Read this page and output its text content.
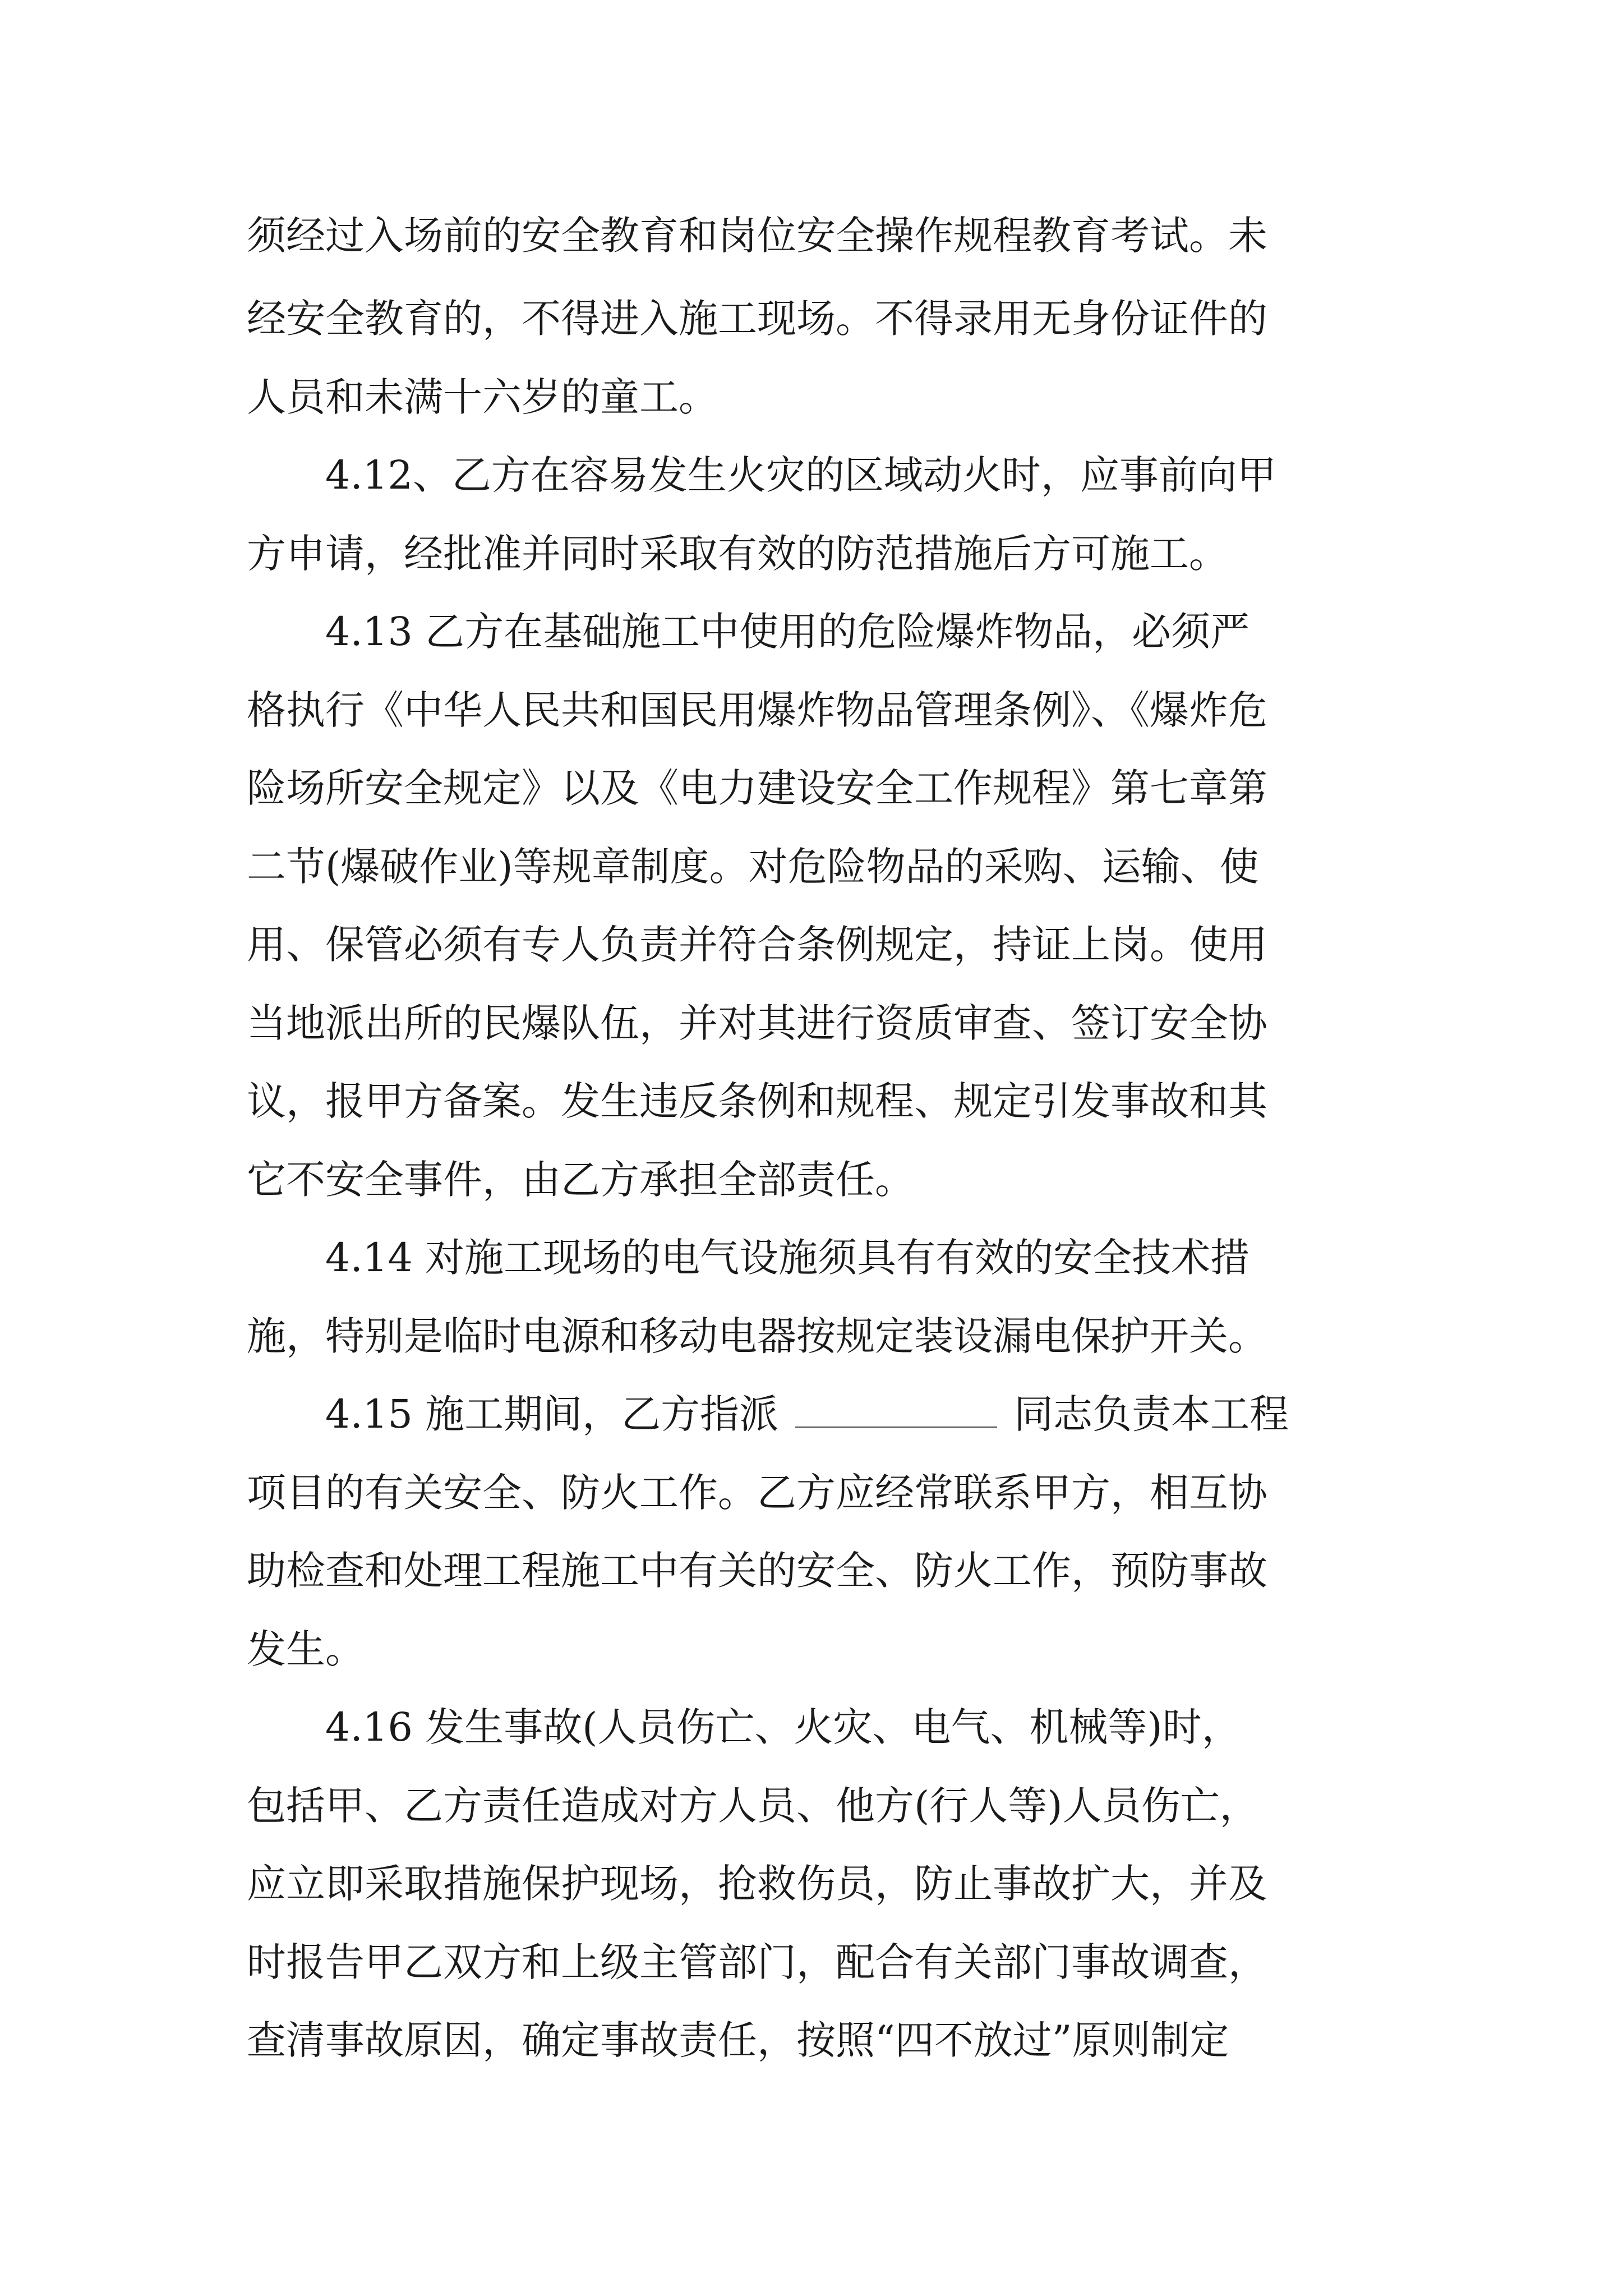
须经过入场前的安全教育和岗位安全操作规程教育考试。未

经安全教育的，不得进入施工现场。不得录用无身份证件的

人员和未满十六岁的童工。

　　4.12、乙方在容易发生火灾的区域动火时，应事前向甲

方申请，经批准并同时采取有效的防范措施后方可施工。

　　4.13 乙方在基础施工中使用的危险爆炸物品，必须严

格执行《中华人民共和国民用爆炸物品管理条例》、《爆炸危

险场所安全规定》以及《电力建设安全工作规程》第七章第

二节(爆破作业)等规章制度。对危险物品的采购、运输、使

用、保管必须有专人负责并符合条例规定，持证上岗。使用

当地派出所的民爆队伍，并对其进行资质审查、签订安全协

议，报甲方备案。发生违反条例和规程、规定引发事故和其

它不安全事件，由乙方承担全部责任。

　　4.14 对施工现场的电气设施须具有有效的安全技术措

施，特别是临时电源和移动电器按规定装设漏电保护开关。

　　4.15 施工期间，乙方指派	同志负责本工程

项目的有关安全、防火工作。乙方应经常联系甲方，相互协

助检查和处理工程施工中有关的安全、防火工作，预防事故

发生。

　　4.16 发生事故(人员伤亡、火灾、电气、机械等)时，

包括甲、乙方责任造成对方人员、他方(行人等)人员伤亡，

应立即采取措施保护现场，抢救伤员，防止事故扩大，并及

时报告甲乙双方和上级主管部门，配合有关部门事故调查，

查清事故原因，确定事故责任，按照“四不放过”原则制定
